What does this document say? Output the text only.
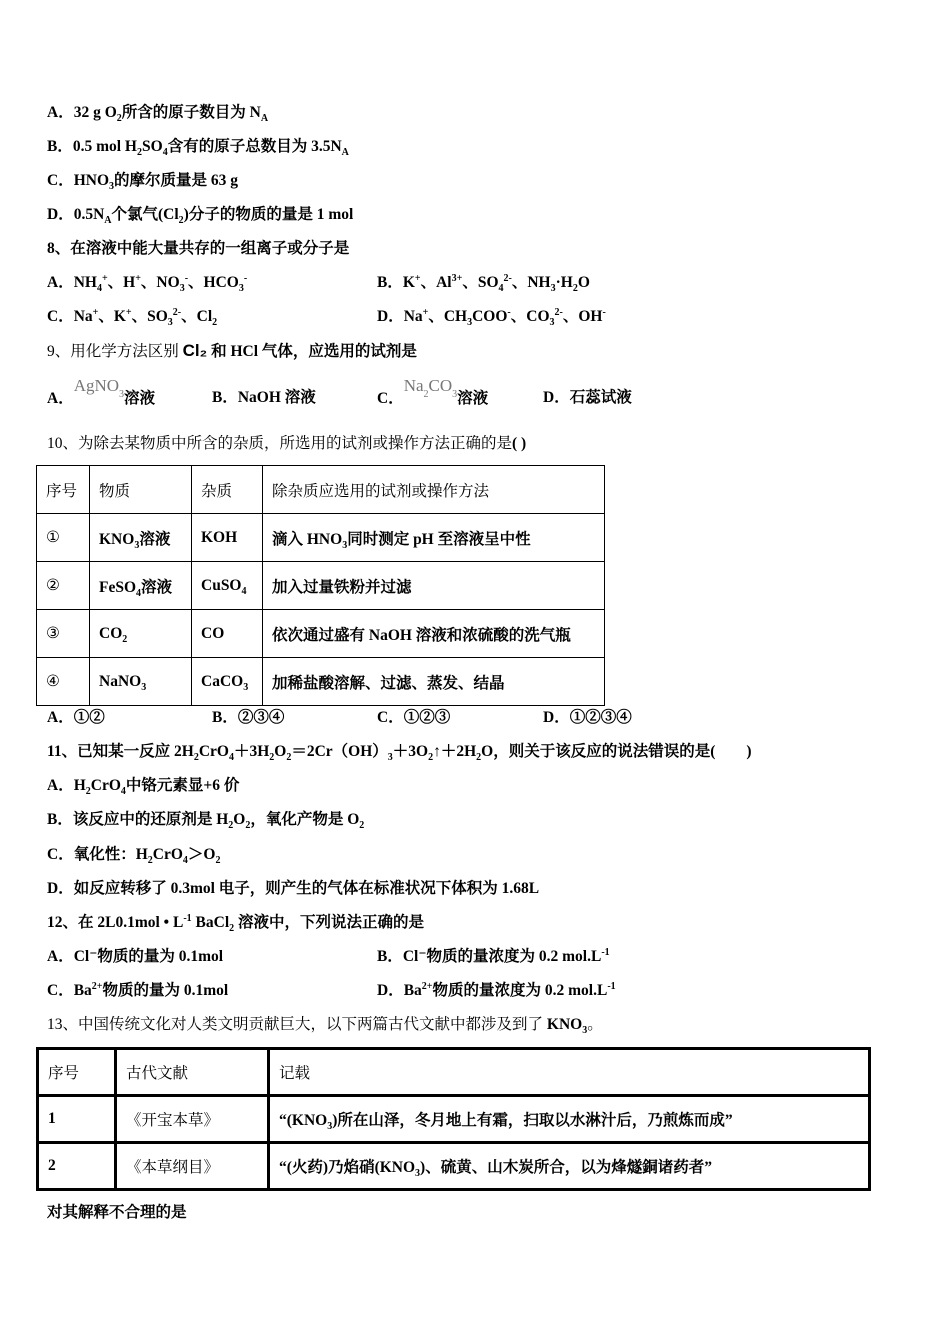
A．32 g $O_2$所含的原子数目为 $N_A$
B．0.5 mol $H_2SO_4$含有的原子总数目为 $3.5N_A$
C．$HNO_3$的摩尔质量是 63 g
D．$0.5N_A$个氯气$(Cl_2)$分子的物质的量是 1 mol
8、在溶液中能大量共存的一组离子或分子是
A．$NH_4^+$、H+、$NO_3^-$、$HCO_3^-$	B．K+、$Al^{3+}$、$SO_4^{2-}$、$NH_3\cdot H_2O$
C．Na+、K+、$SO_3^{2-}$、$Cl_2$	D．Na+、$CH_3COO^-$、$CO_3^{2-}$、OH-
9、用化学方法区别 Cl₂ 和 HCl 气体，应选用的试剂是
A．AgNO$_3$溶液	B．NaOH 溶液	C．$Na_2CO_3$溶液	D．石蕊试液
10、为除去某物质中所含的杂质，所选用的试剂或操作方法正确的是( )
序号	物质	杂质	除杂质应选用的试剂或操作方法
①	$KNO_3$溶液	KOH	滴入 $HNO_3$同时测定 pH 至溶液呈中性
②	FeSO$_4$溶液	CuSO$_4$	加入过量铁粉并过滤
③	$CO_2$	CO	依次通过盛有 NaOH 溶液和浓硫酸的洗气瓶
④	NaNO$_3$	CaCO$_3$	加稀盐酸溶解、过滤、蒸发、结晶
A．①②	B．②③④	C．①②③	D．①②③④
11、已知某一反应 $2H_2CrO_4+3H_2O_2=2Cr(OH)_3+3O_2↑+2H_2O$，则关于该反应的说法错误的是(　　)
A．$H_2CrO_4$中铬元素显+6 价
B．该反应中的还原剂是 $H_2O_2$，氧化产物是 $O_2$
C．氧化性：$H_2CrO_4>O_2$
D．如反应转移了 0.3mol 电子，则产生的气体在标准状况下体积为 1.68L
12、在 2L0.1mol • $L^{-1}$ BaCl$_2$ 溶液中，下列说法正确的是
A．Cl⁻物质的量为 0.1mol	B．Cl⁻物质的量浓度为 0.2 $mol.L^{-1}$
C．$Ba^{2+}$物质的量为 0.1mol	D．$Ba^{2+}$物质的量浓度为 0.2 $mol.L^{-1}$
13、中国传统文化对人类文明贡献巨大，以下两篇古代文献中都涉及到了 $KNO_3$。
序号	古代文献	记载
1	《开宝本草》	“$(KNO_3)$所在山泽，冬月地上有霜，扫取以水淋汁后，乃煎炼而成”
2	《本草纲目》	“(火药)乃焰硝$(KNO_3)$、硫黄、山木炭所合，以为烽燧銅诸药者”
对其解释不合理的是
